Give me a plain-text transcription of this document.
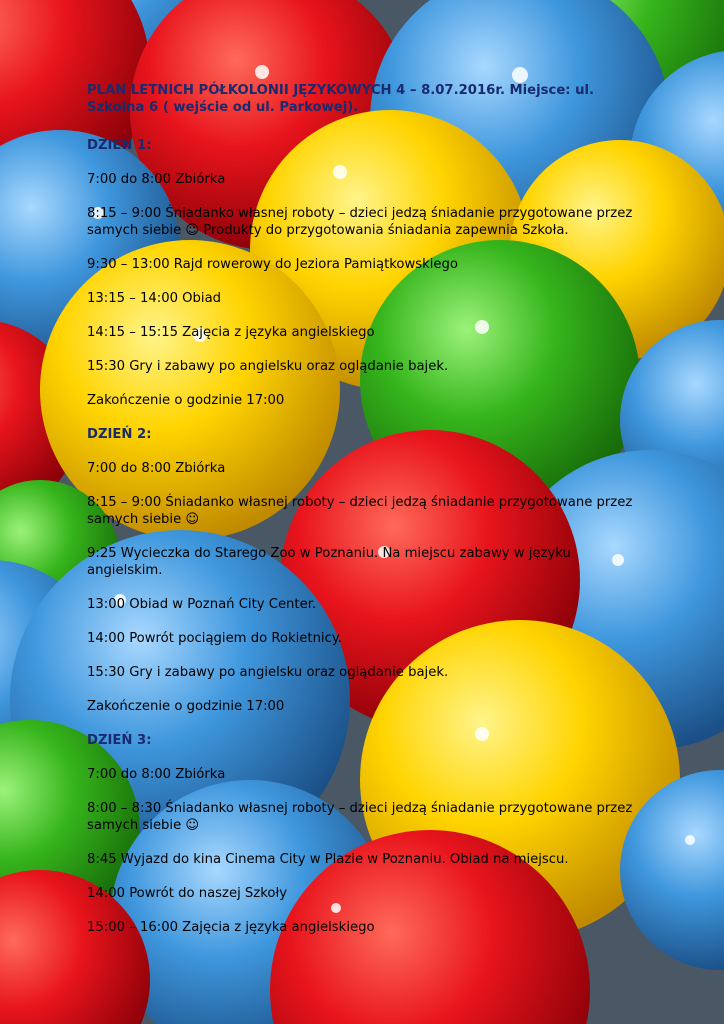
PLAN LETNICH PÓŁKOLONII JĘZYKOWYCH 4 – 8.07.2016r. Miejsce: ul. Szkolna 6 ( wejście od ul. Parkowej).
DZIEŃ 1:
7:00 do 8:00 Zbiórka
8:15 – 9:00 Śniadanko własnej roboty – dzieci jedzą śniadanie przygotowane przez samych siebie ☺ Produkty do przygotowania śniadania zapewnia Szkoła.
9:30 – 13:00 Rajd rowerowy do Jeziora Pamiątkowskiego
13:15 – 14:00 Obiad
14:15 – 15:15 Zajęcia z języka angielskiego
15:30 Gry i zabawy po angielsku oraz oglądanie bajek.
Zakończenie o godzinie 17:00
DZIEŃ 2:
7:00 do 8:00 Zbiórka
8:15 – 9:00 Śniadanko własnej roboty – dzieci jedzą śniadanie przygotowane przez samych siebie ☺
9:25 Wycieczka do Starego Zoo w Poznaniu. Na miejscu zabawy w języku angielskim.
13:00 Obiad w Poznań City Center.
14:00 Powrót pociągiem do Rokietnicy.
15:30 Gry i zabawy po angielsku oraz oglądanie bajek.
Zakończenie o godzinie 17:00
DZIEŃ 3:
7:00 do 8:00 Zbiórka
8:00 – 8:30 Śniadanko własnej roboty – dzieci jedzą śniadanie przygotowane przez samych siebie ☺
8:45 Wyjazd do kina Cinema City w Plazie w Poznaniu. Obiad na miejscu.
14:00 Powrót do naszej Szkoły
15:00 – 16:00 Zajęcia z języka angielskiego
